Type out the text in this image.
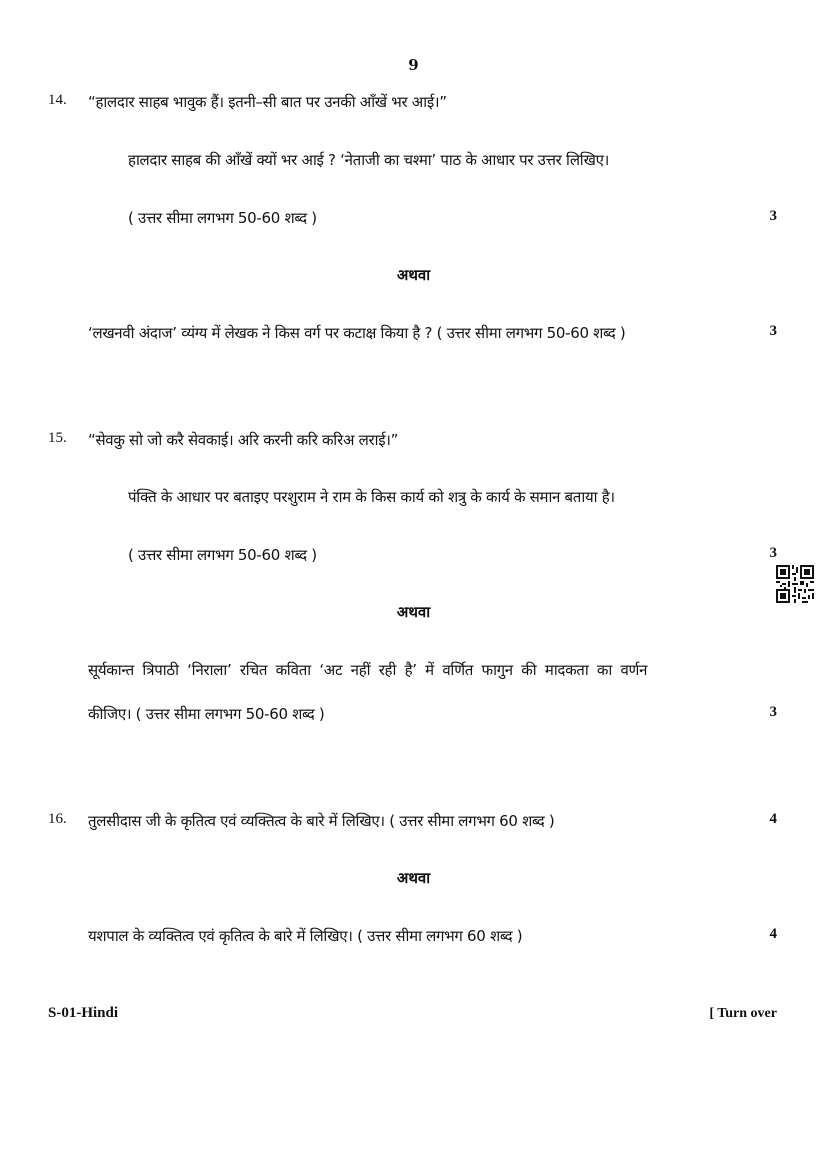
9
14. “हालदार साहब भावुक हैं। इतनी–सी बात पर उनकी आँखें भर आई।”
हालदार साहब की आँखें क्यों भर आई ? ‘नेताजी का चश्मा’ पाठ के आधार पर उत्तर लिखिए।
( उत्तर सीमा लगभग 50-60 शब्द )	3
अथवा
‘लखनवी अंदाज’ व्यंग्य में लेखक ने किस वर्ग पर कटाक्ष किया है ? ( उत्तर सीमा लगभग 50-60 शब्द )	3
15. “सेवकु सो जो करै सेवकाई। अरि करनी करि करिअ लराई।”
पंक्ति के आधार पर बताइए परशुराम ने राम के किस कार्य को शत्रु के कार्य के समान बताया है।
( उत्तर सीमा लगभग 50-60 शब्द )	3
अथवा
सूर्यकान्त त्रिपाठी ‘निराला’ रचित कविता ‘अट नहीं रही है’ में वर्णित फागुन की मादकता का वर्णन
कीजिए। ( उत्तर सीमा लगभग 50-60 शब्द )	3
16. तुलसीदास जी के कृतित्व एवं व्यक्तित्व के बारे में लिखिए। ( उत्तर सीमा लगभग 60 शब्द )	4
अथवा
यशपाल के व्यक्तित्व एवं कृतित्व के बारे में लिखिए। ( उत्तर सीमा लगभग 60 शब्द )	4
S-01-Hindi	[ Turn over
